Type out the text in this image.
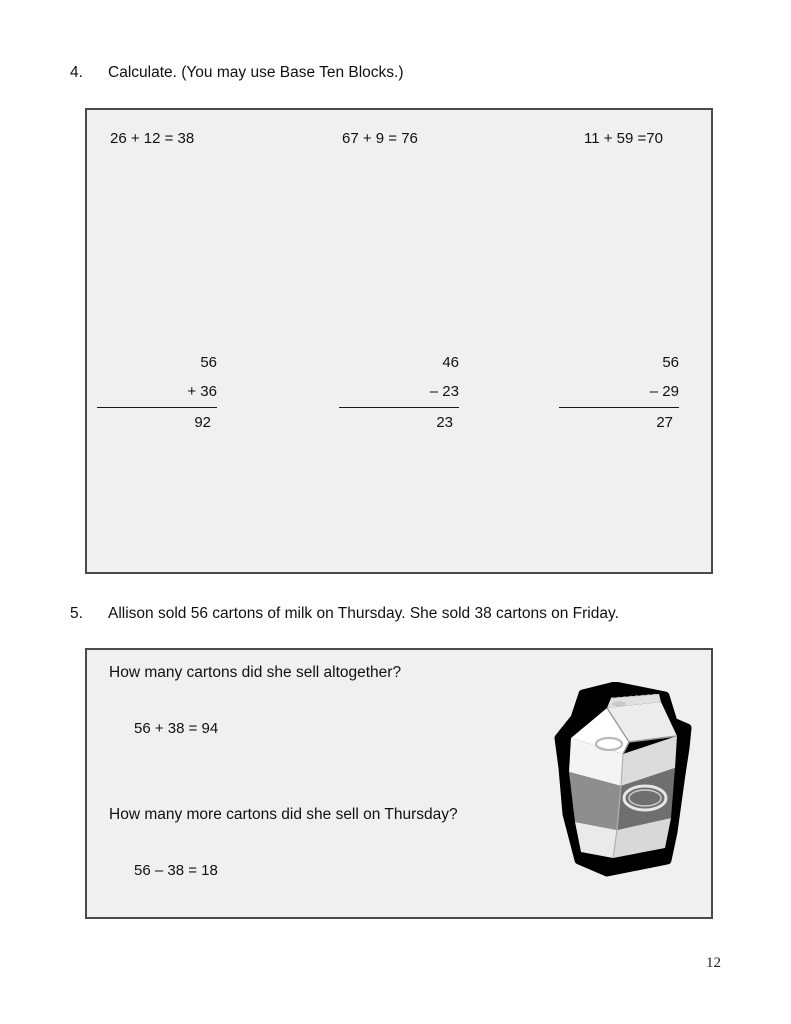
4.	Calculate. (You may use Base Ten Blocks.)
26 + 12 = 38	67 + 9 = 76	11 + 59 =70
56
+ 36
92
46
– 23
23
56
– 29
27
5.	Allison sold 56 cartons of milk on Thursday. She sold 38 cartons on Friday.
How many cartons did she sell altogether?
56 + 38 = 94
How many more cartons did she sell on Thursday?
56 – 38 = 18
12
